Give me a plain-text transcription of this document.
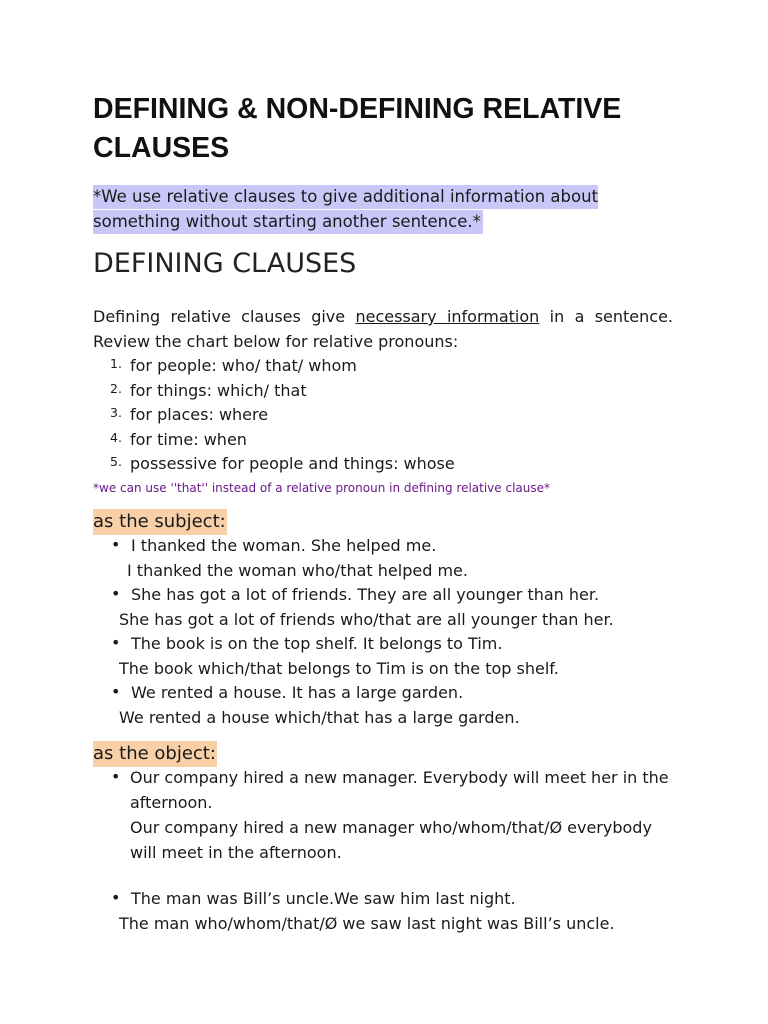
DEFINING & NON-DEFINING RELATIVE CLAUSES

*We use relative clauses to give additional information about something without starting another sentence.*

DEFINING CLAUSES

Defining relative clauses give necessary information in a sentence. Review the chart below for relative pronouns:

1. for people: who/ that/ whom
2. for things: which/ that
3. for places: where
4. for time: when
5. possessive for people and things: whose

*we can use ''that'' instead of a relative pronoun in defining relative clause*

as the subject:

• I thanked the woman. She helped me.

I thanked the woman who/that helped me.

• She has got a lot of friends. They are all younger than her.

She has got a lot of friends who/that are all younger than her.

• The book is on the top shelf. It belongs to Tim.

The book which/that belongs to Tim is on the top shelf.

• We rented a house. It has a large garden.

We rented a house which/that has a large garden.

as the object:

• Our company hired a new manager. Everybody will meet her in the

afternoon.

Our company hired a new manager who/whom/that/Ø everybody

will meet in the afternoon.

• The man was Bill’s uncle.We saw him last night.

The man who/whom/that/Ø we saw last night was Bill’s uncle.
